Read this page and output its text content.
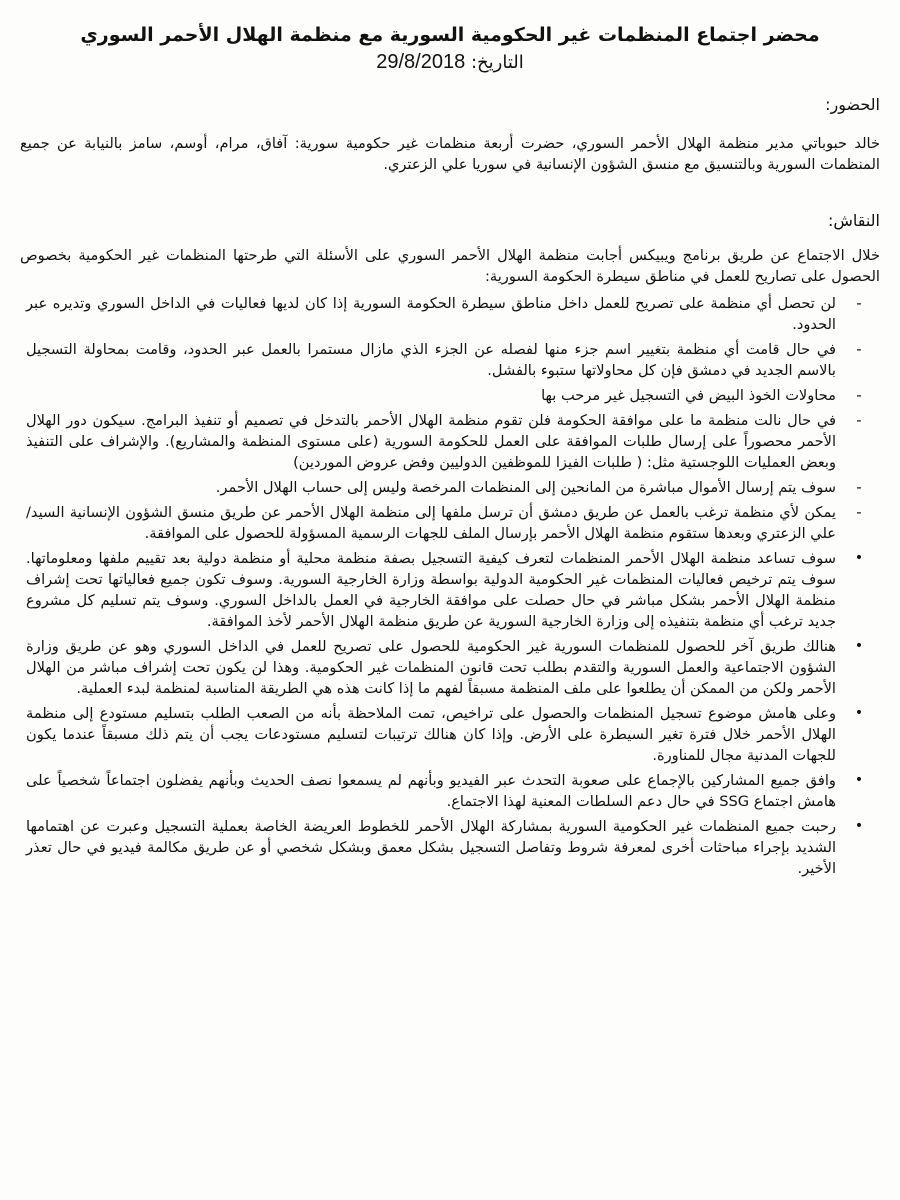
محضر اجتماع المنظمات غير الحكومية السورية مع منظمة الهلال الأحمر السوري
التاريخ: 29/8/2018
الحضور:

خالد حبوباتي مدير منظمة الهلال الأحمر السوري، حضرت أربعة منظمات غير حكومية سورية: آفاق، مرام، أوسم، سامز بالنيابة عن جميع المنظمات السورية وبالتنسيق مع منسق الشؤون الإنسانية في سوريا علي الزعتري.

النقاش:

خلال الاجتماع عن طريق برنامج ويبيكس أجابت منظمة الهلال الأحمر السوري على الأسئلة التي طرحتها المنظمات غير الحكومية بخصوص الحصول على تصاريح للعمل في مناطق سيطرة الحكومة السورية:

-
لن تحصل أي منظمة على تصريح للعمل داخل مناطق سيطرة الحكومة السورية إذا كان لديها فعاليات في الداخل السوري وتديره عبر الحدود.
-
في حال قامت أي منظمة بتغيير اسم جزء منها لفصله عن الجزء الذي مازال مستمرا بالعمل عبر الحدود، وقامت بمحاولة التسجيل بالاسم الجديد في دمشق فإن كل محاولاتها ستبوء بالفشل.
-
محاولات الخوذ البيض في التسجيل غير مرحب بها
-
في حال نالت منظمة ما على موافقة الحكومة فلن تقوم منظمة الهلال الأحمر بالتدخل في تصميم أو تنفيذ البرامج. سيكون دور الهلال الأحمر محصوراً على إرسال طلبات الموافقة على العمل للحكومة السورية (على مستوى المنظمة والمشاريع). والإشراف على التنفيذ وبعض العمليات اللوجستية مثل: ( طلبات الفيزا للموظفين الدوليين وفض عروض الموردين)
-
سوف يتم إرسال الأموال مباشرة من المانحين إلى المنظمات المرخصة وليس إلى حساب الهلال الأحمر.
-
يمكن لأي منظمة ترغب بالعمل عن طريق دمشق أن ترسل ملفها إلى منظمة الهلال الأحمر عن طريق منسق الشؤون الإنسانية السيد/ علي الزعتري وبعدها ستقوم منظمة الهلال الأحمر بإرسال الملف للجهات الرسمية المسؤولة للحصول على الموافقة.
•
سوف تساعد منظمة الهلال الأحمر المنظمات لتعرف كيفية التسجيل بصفة منظمة محلية أو منظمة دولية بعد تقييم ملفها ومعلوماتها. سوف يتم ترخيص فعاليات المنظمات غير الحكومية الدولية بواسطة وزارة الخارجية السورية. وسوف تكون جميع فعالياتها تحت إشراف منظمة الهلال الأحمر بشكل مباشر في حال حصلت على موافقة الخارجية في العمل بالداخل السوري. وسوف يتم تسليم كل مشروع جديد ترغب أي منظمة بتنفيذه إلى وزارة الخارجية السورية عن طريق منظمة الهلال الأحمر لأخذ الموافقة.
•
هنالك طريق آخر للحصول للمنظمات السورية غير الحكومية للحصول على تصريح للعمل في الداخل السوري وهو عن طريق وزارة الشؤون الاجتماعية والعمل السورية والتقدم بطلب تحت قانون المنظمات غير الحكومية. وهذا لن يكون تحت إشراف مباشر من الهلال الأحمر ولكن من الممكن أن يطلعوا على ملف المنظمة مسبقاً لفهم ما إذا كانت هذه هي الطريقة المناسبة لمنظمة لبدء العملية.
•
وعلى هامش موضوع تسجيل المنظمات والحصول على تراخيص، تمت الملاحظة بأنه من الصعب الطلب بتسليم مستودع إلى منظمة الهلال الأحمر خلال فترة تغير السيطرة على الأرض. وإذا كان هنالك ترتيبات لتسليم مستودعات يجب أن يتم ذلك مسبقاً عندما يكون للجهات المدنية مجال للمناورة.
•
وافق جميع المشاركين بالإجماع على صعوبة التحدث عبر الفيديو وبأنهم لم يسمعوا نصف الحديث وبأنهم يفضلون اجتماعاً شخصياً على هامش اجتماع SSG في حال دعم السلطات المعنية لهذا الاجتماع.
•
رحبت جميع المنظمات غير الحكومية السورية بمشاركة الهلال الأحمر للخطوط العريضة الخاصة بعملية التسجيل وعبرت عن اهتمامها الشديد بإجراء مباحثات أخرى لمعرفة شروط وتفاصل التسجيل بشكل معمق وبشكل شخصي أو عن طريق مكالمة فيديو في حال تعذر الأخير.
